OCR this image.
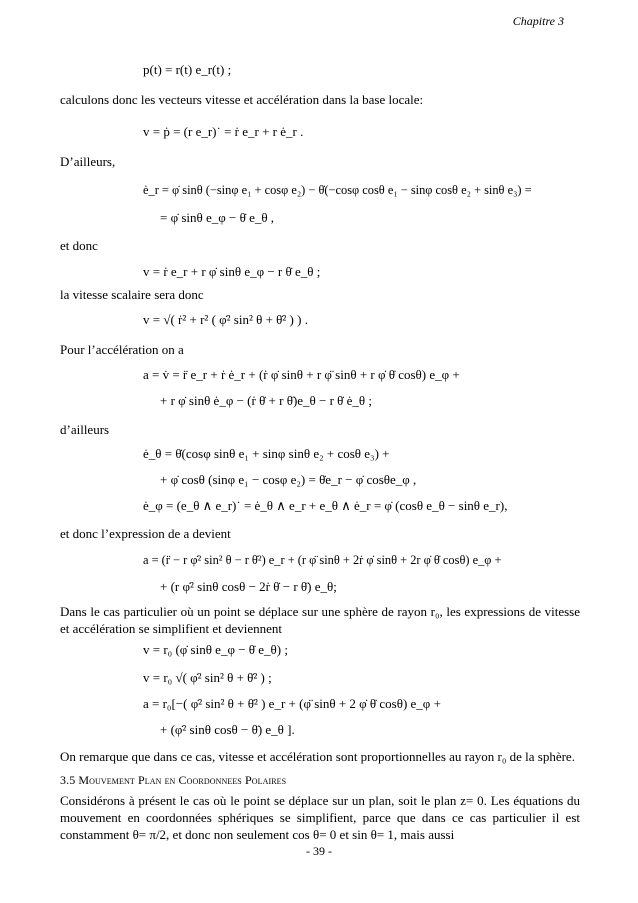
Chapitre 3
p(t) = r(t) e_r(t) ;
calculons donc les vecteurs vitesse et accélération dans la base locale:
v = ṗ = (r e_r)˙ = ṙ e_r + r ė_r .
D’ailleurs,
ė_r = φ̇ sinθ (−sinφ e₁ + cosφ e₂) − θ̇(−cosφ cosθ e₁ − sinφ cosθ e₂ + sinθ e₃) =
= φ̇ sinθ e_φ − θ̇ e_θ ,
et donc
v = ṙ e_r + r φ̇ sinθ e_φ − r θ̇ e_θ ;
la vitesse scalaire sera donc
v = √( ṙ² + r² ( φ̇² sin² θ + θ̇² ) ) .
Pour l’accélération on a
a = v̇ = r̈ e_r + ṙ ė_r + (ṙ φ̇ sinθ + r φ̈ sinθ + r φ̇ θ̇ cosθ) e_φ +
+ r φ̇ sinθ ė_φ − (ṙ θ̇ + r θ̈)e_θ − r θ̇ ė_θ ;
d’ailleurs
ė_θ = θ̇(cosφ sinθ e₁ + sinφ sinθ e₂ + cosθ e₃) +
+ φ̇ cosθ (sinφ e₁ − cosφ e₂) = θ̇e_r − φ̇ cosθe_φ ,
ė_φ = (e_θ ∧ e_r)˙ = ė_θ ∧ e_r + e_θ ∧ ė_r = φ̇ (cosθ e_θ − sinθ e_r),
et donc l’expression de a devient
a = (r̈ − r φ̇² sin² θ − r θ̇²) e_r + (r φ̈ sinθ + 2ṙ φ̇ sinθ + 2r φ̇ θ̇ cosθ) e_φ +
+ (r φ̇² sinθ cosθ − 2ṙ θ̇ − r θ̈) e_θ;
Dans le cas particulier où un point se déplace sur une sphère de rayon r₀, les expressions de vitesse et accélération se simplifient et deviennent
v = r₀ (φ̇ sinθ e_φ − θ̇ e_θ) ;
v = r₀ √( φ̇² sin² θ + θ̇² ) ;
a = r₀[−( φ̇² sin² θ + θ̇² ) e_r + (φ̈ sinθ + 2 φ̇ θ̇ cosθ) e_φ +
+ (φ̇² sinθ cosθ − θ̈) e_θ ].
On remarque que dans ce cas, vitesse et accélération sont proportionnelles au rayon r₀ de la sphère.
3.5 Mouvement Plan en Coordonnees Polaires
Considérons à présent le cas où le point se déplace sur un plan, soit le plan z= 0. Les équations du mouvement en coordonnées sphériques se simplifient, parce que dans ce cas particulier il est constamment θ= π/2, et donc non seulement cos θ= 0 et sin θ= 1, mais aussi
- 39 -
